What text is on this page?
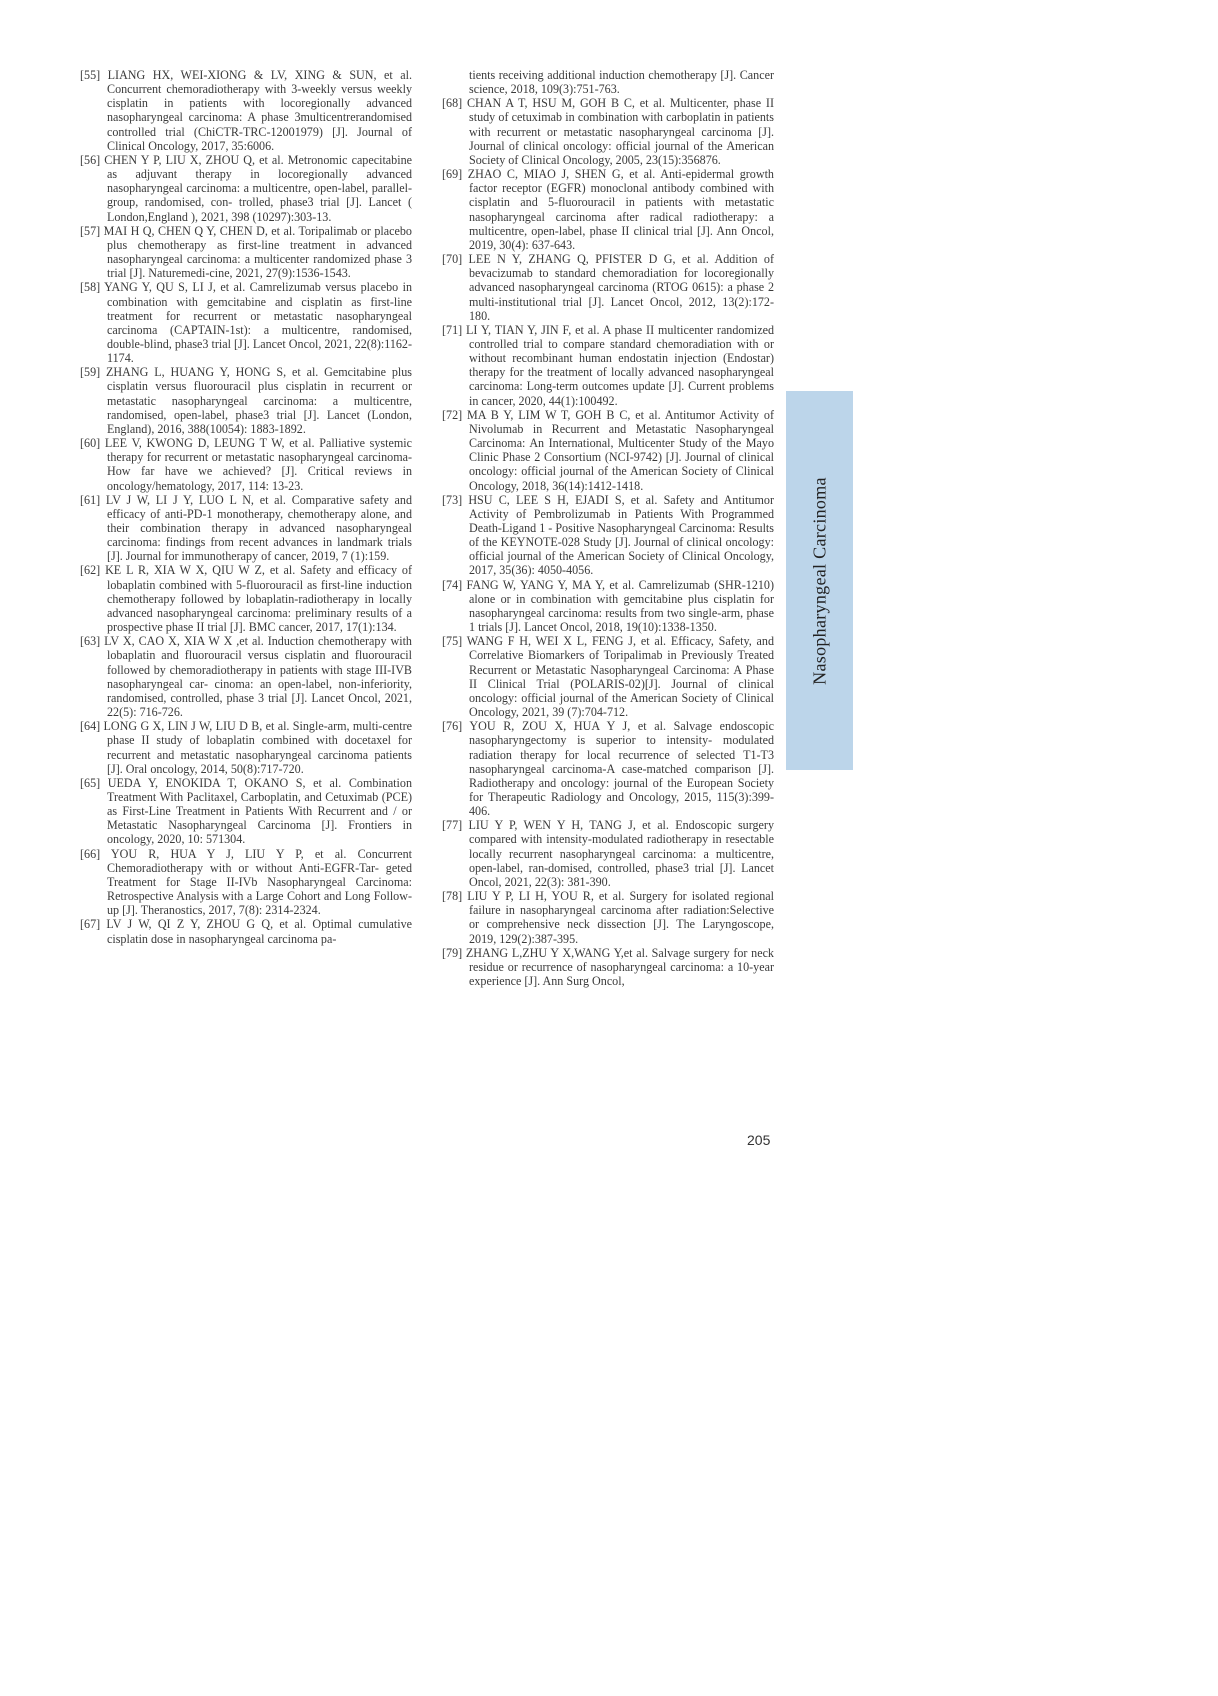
[55] LIANG HX, WEI-XIONG & LV, XING & SUN, et al. Concurrent chemoradiotherapy with 3-weekly versus weekly cisplatin in patients with locoregionally advanced nasopharyngeal carcinoma: A phase 3multicentrerandomised controlled trial (ChiCTR-TRC-12001979) [J]. Journal of Clinical Oncology, 2017, 35:6006.

[56] CHEN Y P, LIU X, ZHOU Q, et al. Metronomic capecitabine as adjuvant therapy in locoregionally advanced nasopharyngeal carcinoma: a multicentre, open-label, parallel-group, randomised, con- trolled, phase3 trial [J]. Lancet ( London,England ), 2021, 398 (10297):303-13.

[57] MAI H Q, CHEN Q Y, CHEN D, et al. Toripalimab or placebo plus chemotherapy as first-line treatment in advanced nasopharyngeal carcinoma: a multicenter randomized phase 3 trial [J]. Naturemedi-cine, 2021, 27(9):1536-1543.

[58] YANG Y, QU S, LI J, et al. Camrelizumab versus placebo in combination with gemcitabine and cisplatin as first-line treatment for recurrent or metastatic nasopharyngeal carcinoma (CAPTAIN-1st): a multicentre, randomised, double-blind, phase3 trial [J]. Lancet Oncol, 2021, 22(8):1162-1174.

[59] ZHANG L, HUANG Y, HONG S, et al. Gemcitabine plus cisplatin versus fluorouracil plus cisplatin in recurrent or metastatic nasopharyngeal carcinoma: a multicentre, randomised, open-label, phase3 trial [J]. Lancet (London, England), 2016, 388(10054): 1883-1892.

[60] LEE V, KWONG D, LEUNG T W, et al. Palliative systemic therapy for recurrent or metastatic nasopharyngeal carcinoma-How far have we achieved? [J]. Critical reviews in oncology/hematology, 2017, 114: 13-23.

[61] LV J W, LI J Y, LUO L N, et al. Comparative safety and efficacy of anti-PD-1 monotherapy, chemotherapy alone, and their combination therapy in advanced nasopharyngeal carcinoma: findings from recent advances in landmark trials [J]. Journal for immunotherapy of cancer, 2019, 7 (1):159.

[62] KE L R, XIA W X, QIU W Z, et al. Safety and efficacy of lobaplatin combined with 5-fluorouracil as first-line induction chemotherapy followed by lobaplatin-radiotherapy in locally advanced nasopharyngeal carcinoma: preliminary results of a prospective phase II trial [J]. BMC cancer, 2017, 17(1):134.

[63] LV X, CAO X, XIA W X ,et al. Induction chemotherapy with lobaplatin and fluorouracil versus cisplatin and fluorouracil followed by chemoradiotherapy in patients with stage III-IVB nasopharyngeal car- cinoma: an open-label, non-inferiority, randomised, controlled, phase 3 trial [J]. Lancet Oncol, 2021, 22(5): 716-726.

[64] LONG G X, LIN J W, LIU D B, et al. Single-arm, multi-centre phase II study of lobaplatin combined with docetaxel for recurrent and metastatic nasopharyngeal carcinoma patients [J]. Oral oncology, 2014, 50(8):717-720.

[65] UEDA Y, ENOKIDA T, OKANO S, et al. Combination Treatment With Paclitaxel, Carboplatin, and Cetuximab (PCE) as First-Line Treatment in Patients With Recurrent and / or Metastatic Nasopharyngeal Carcinoma [J]. Frontiers in oncology, 2020, 10: 571304.

[66] YOU R, HUA Y J, LIU Y P, et al. Concurrent Chemoradiotherapy with or without Anti-EGFR-Tar- geted Treatment for Stage II-IVb Nasopharyngeal Carcinoma: Retrospective Analysis with a Large Cohort and Long Follow-up [J]. Theranostics, 2017, 7(8): 2314-2324.

[67] LV J W, QI Z Y, ZHOU G Q, et al. Optimal cumulative cisplatin dose in nasopharyngeal carcinoma pa-

tients receiving additional induction chemotherapy [J]. Cancer science, 2018, 109(3):751-763.

[68] CHAN A T, HSU M, GOH B C, et al. Multicenter, phase II study of cetuximab in combination with carboplatin in patients with recurrent or metastatic nasopharyngeal carcinoma [J]. Journal of clinical oncology: official journal of the American Society of Clinical Oncology, 2005, 23(15):356876.

[69] ZHAO C, MIAO J, SHEN G, et al. Anti-epidermal growth factor receptor (EGFR) monoclonal antibody combined with cisplatin and 5-fluorouracil in patients with metastatic nasopharyngeal carcinoma after radical radiotherapy: a multicentre, open-label, phase II clinical trial [J]. Ann Oncol, 2019, 30(4): 637-643.

[70] LEE N Y, ZHANG Q, PFISTER D G, et al. Addition of bevacizumab to standard chemoradiation for locoregionally advanced nasopharyngeal carcinoma (RTOG 0615): a phase 2 multi-institutional trial [J]. Lancet Oncol, 2012, 13(2):172-180.

[71] LI Y, TIAN Y, JIN F, et al. A phase II multicenter randomized controlled trial to compare standard chemoradiation with or without recombinant human endostatin injection (Endostar) therapy for the treatment of locally advanced nasopharyngeal carcinoma: Long-term outcomes update [J]. Current problems in cancer, 2020, 44(1):100492.

[72] MA B Y, LIM W T, GOH B C, et al. Antitumor Activity of Nivolumab in Recurrent and Metastatic Nasopharyngeal Carcinoma: An International, Multicenter Study of the Mayo Clinic Phase 2 Consortium (NCI-9742) [J]. Journal of clinical oncology: official journal of the American Society of Clinical Oncology, 2018, 36(14):1412-1418.

[73] HSU C, LEE S H, EJADI S, et al. Safety and Antitumor Activity of Pembrolizumab in Patients With Programmed Death-Ligand 1 - Positive Nasopharyngeal Carcinoma: Results of the KEYNOTE-028 Study [J]. Journal of clinical oncology: official journal of the American Society of Clinical Oncology, 2017, 35(36): 4050-4056.

[74] FANG W, YANG Y, MA Y, et al. Camrelizumab (SHR-1210) alone or in combination with gemcitabine plus cisplatin for nasopharyngeal carcinoma: results from two single-arm, phase 1 trials [J]. Lancet Oncol, 2018, 19(10):1338-1350.

[75] WANG F H, WEI X L, FENG J, et al. Efficacy, Safety, and Correlative Biomarkers of Toripalimab in Previously Treated Recurrent or Metastatic Nasopharyngeal Carcinoma: A Phase II Clinical Trial (POLARIS-02)[J]. Journal of clinical oncology: official journal of the American Society of Clinical Oncology, 2021, 39 (7):704-712.

[76] YOU R, ZOU X, HUA Y J, et al. Salvage endoscopic nasopharyngectomy is superior to intensity- modulated radiation therapy for local recurrence of selected T1-T3 nasopharyngeal carcinoma-A case-matched comparison [J]. Radiotherapy and oncology: journal of the European Society for Therapeutic Radiology and Oncology, 2015, 115(3):399-406.

[77] LIU Y P, WEN Y H, TANG J, et al. Endoscopic surgery compared with intensity-modulated radiotherapy in resectable locally recurrent nasopharyngeal carcinoma: a multicentre, open-label, ran-domised, controlled, phase3 trial [J]. Lancet Oncol, 2021, 22(3): 381-390.

[78] LIU Y P, LI H, YOU R, et al. Surgery for isolated regional failure in nasopharyngeal carcinoma after radiation:Selective or comprehensive neck dissection [J]. The Laryngoscope, 2019, 129(2):387-395.

[79] ZHANG L,ZHU Y X,WANG Y,et al. Salvage surgery for neck residue or recurrence of nasopharyngeal carcinoma: a 10-year experience [J]. Ann Surg Oncol,

Nasopharyngeal Carcinoma
205
